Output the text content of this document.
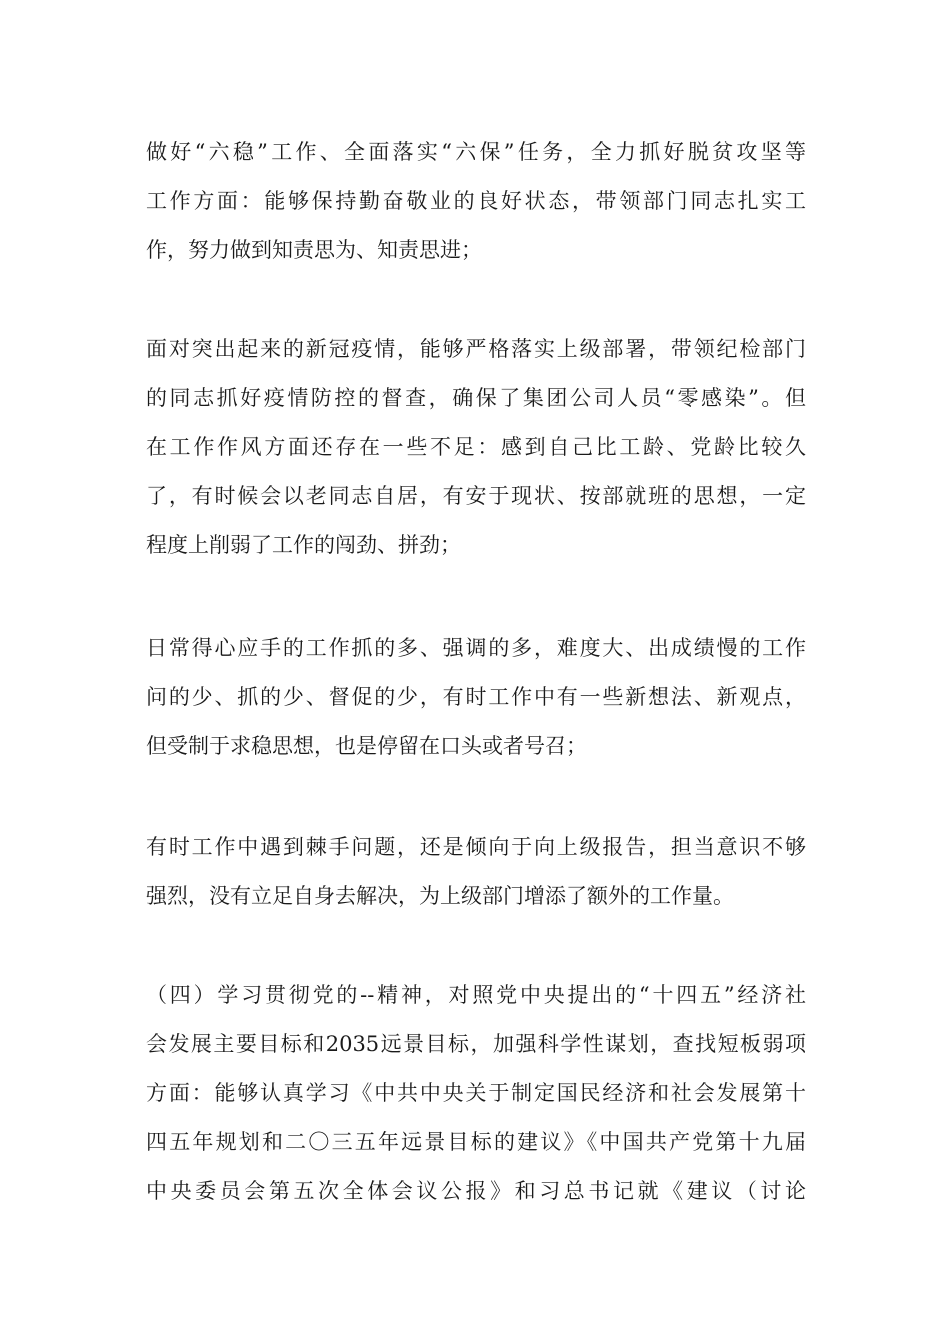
做好“六稳”工作、全面落实“六保”任务，全力抓好脱贫攻坚等
工作方面：能够保持勤奋敬业的良好状态，带领部门同志扎实工
作，努力做到知责思为、知责思进；
面对突出起来的新冠疫情，能够严格落实上级部署，带领纪检部门
的同志抓好疫情防控的督查，确保了集团公司人员“零感染”。但
在工作作风方面还存在一些不足：感到自己比工龄、党龄比较久
了，有时候会以老同志自居，有安于现状、按部就班的思想，一定
程度上削弱了工作的闯劲、拼劲；
日常得心应手的工作抓的多、强调的多，难度大、出成绩慢的工作
问的少、抓的少、督促的少，有时工作中有一些新想法、新观点，
但受制于求稳思想，也是停留在口头或者号召；
有时工作中遇到棘手问题，还是倾向于向上级报告，担当意识不够
强烈，没有立足自身去解决，为上级部门增添了额外的工作量。
（四）学习贯彻党的--精神，对照党中央提出的“十四五”经济社
会发展主要目标和2035远景目标，加强科学性谋划，查找短板弱项
方面：能够认真学习《中共中央关于制定国民经济和社会发展第十
四五年规划和二〇三五年远景目标的建议》《中国共产党第十九届
中央委员会第五次全体会议公报》和习总书记就《建议（讨论
